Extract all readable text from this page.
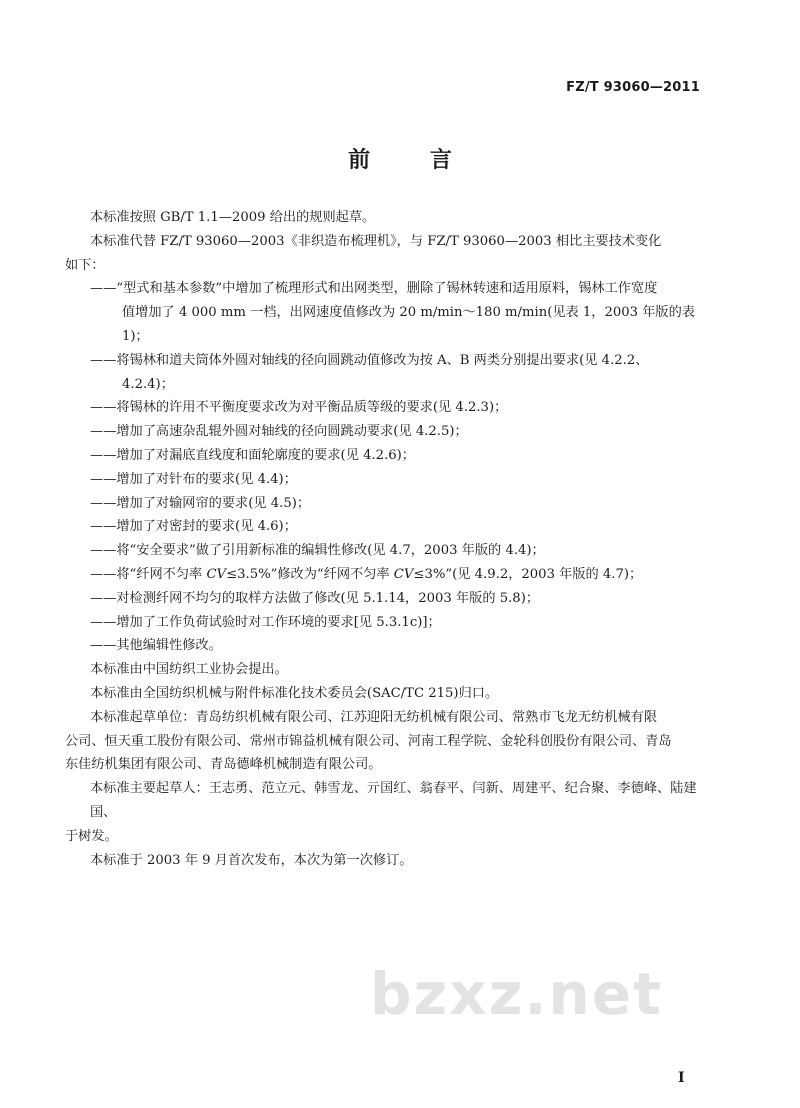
FZ/T 93060—2011
前 言

本标准按照 GB/T 1.1—2009 给出的规则起草。

本标准代替 FZ/T 93060—2003《非织造布梳理机》，与 FZ/T 93060—2003 相比主要技术变化
如下：

——“型式和基本参数”中增加了梳理形式和出网类型，删除了锡林转速和适用原料，锡林工作宽度
值增加了 4 000 mm 一档，出网速度值修改为 20 m/min～180 m/min(见表 1，2003 年版的表 1)；

——将锡林和道夫筒体外圆对轴线的径向圆跳动值修改为按 A、B 两类分别提出要求(见 4.2.2、
4.2.4)；

——将锡林的许用不平衡度要求改为对平衡品质等级的要求(见 4.2.3)；

——增加了高速杂乱辊外圆对轴线的径向圆跳动要求(见 4.2.5)；

——增加了对漏底直线度和面轮廓度的要求(见 4.2.6)；

——增加了对针布的要求(见 4.4)；

——增加了对输网帘的要求(见 4.5)；

——增加了对密封的要求(见 4.6)；

——将“安全要求”做了引用新标准的编辑性修改(见 4.7，2003 年版的 4.4)；

——将“纤网不匀率 CV≤3.5%”修改为“纤网不匀率 CV≤3%”(见 4.9.2，2003 年版的 4.7)；

——对检测纤网不均匀的取样方法做了修改(见 5.1.14，2003 年版的 5.8)；

——增加了工作负荷试验时对工作环境的要求[见 5.3.1c)]；

——其他编辑性修改。

本标准由中国纺织工业协会提出。

本标准由全国纺织机械与附件标准化技术委员会(SAC/TC 215)归口。

本标准起草单位：青岛纺织机械有限公司、江苏迎阳无纺机械有限公司、常熟市飞龙无纺机械有限
公司、恒天重工股份有限公司、常州市锦益机械有限公司、河南工程学院、金轮科创股份有限公司、青岛
东佳纺机集团有限公司、青岛德峰机械制造有限公司。

本标准主要起草人：王志勇、范立元、韩雪龙、亓国红、翁春平、闫新、周建平、纪合聚、李德峰、陆建国、
于树发。

本标准于 2003 年 9 月首次发布，本次为第一次修订。

bzxz.net
I
